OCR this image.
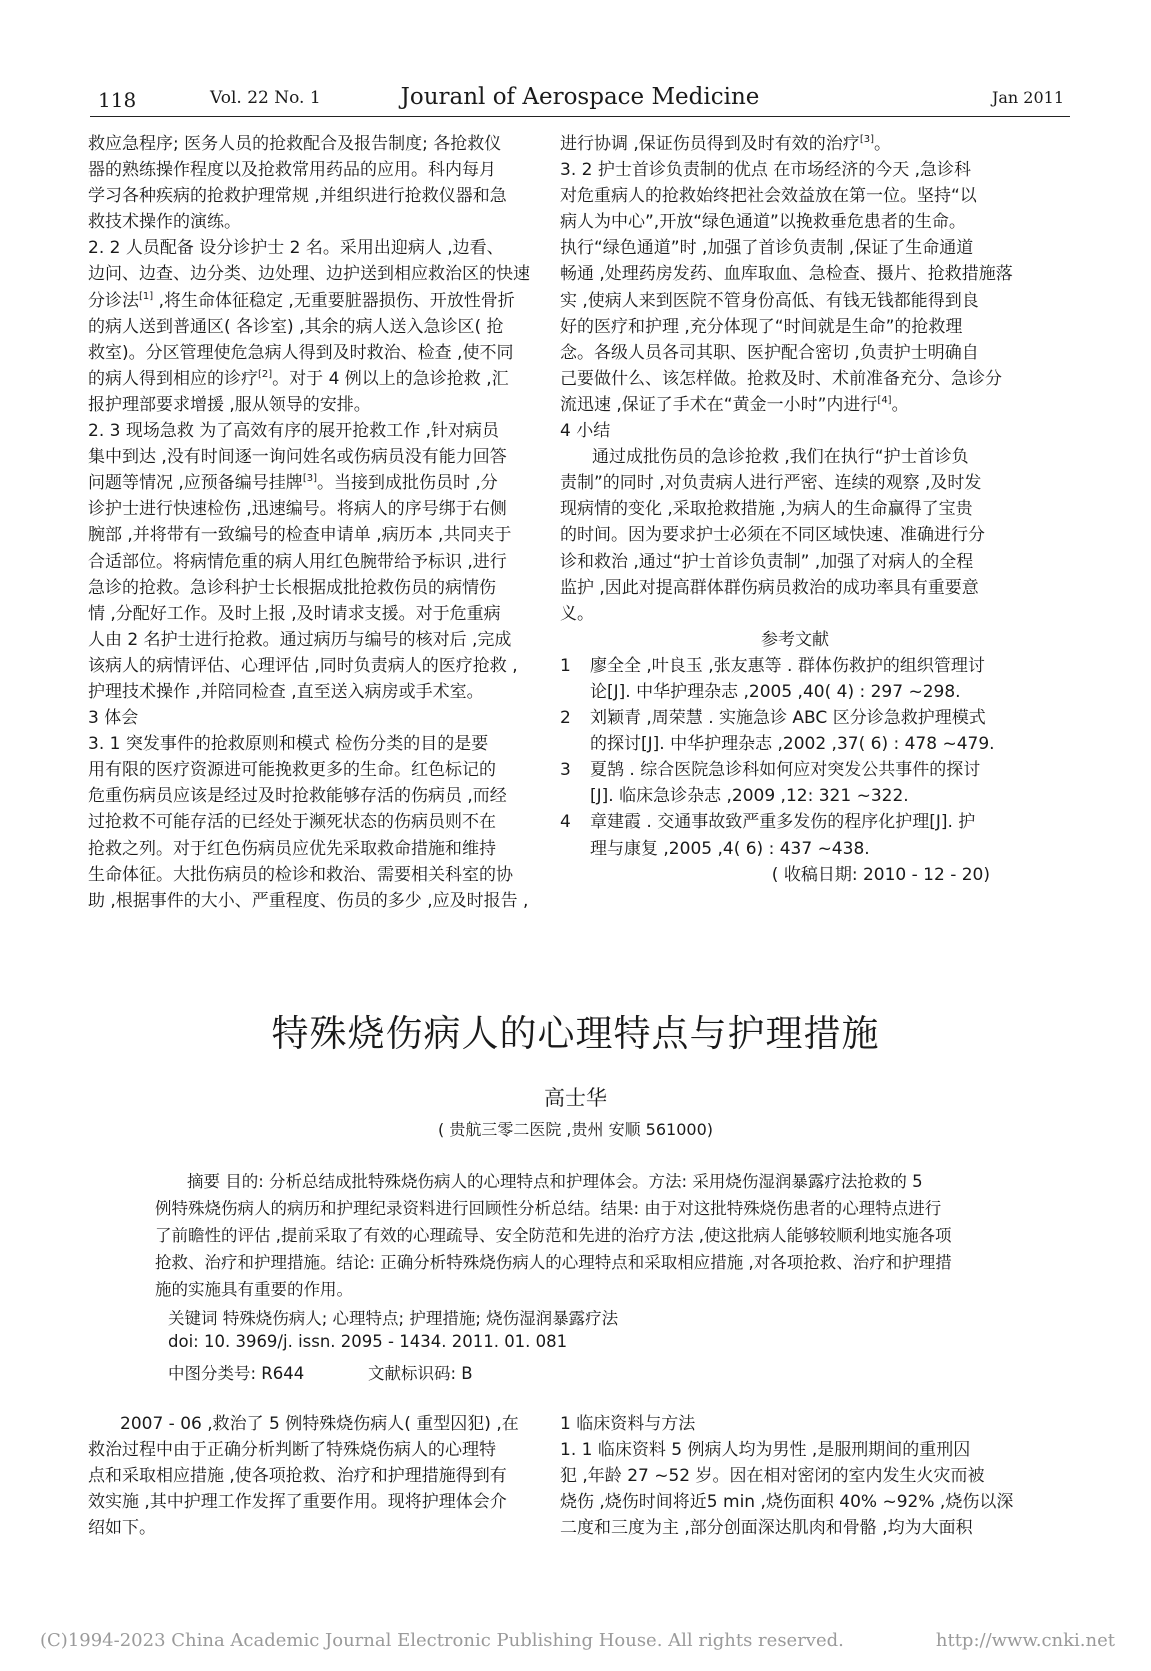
118	Vol. 22 No. 1	Jouranl of Aerospace Medicine	Jan 2011
救应急程序; 医务人员的抢救配合及报告制度; 各抢救仪
器的熟练操作程度以及抢救常用药品的应用。科内每月
学习各种疾病的抢救护理常规 ,并组织进行抢救仪器和急
救技术操作的演练。
2. 2 人员配备 设分诊护士 2 名。采用出迎病人 ,边看、
边问、边查、边分类、边处理、边护送到相应救治区的快速
分诊法[1] ,将生命体征稳定 ,无重要脏器损伤、开放性骨折
的病人送到普通区( 各诊室) ,其余的病人送入急诊区( 抢
救室)。分区管理使危急病人得到及时救治、检查 ,使不同
的病人得到相应的诊疗[2]。对于 4 例以上的急诊抢救 ,汇
报护理部要求增援 ,服从领导的安排。
2. 3 现场急救 为了高效有序的展开抢救工作 ,针对病员
集中到达 ,没有时间逐一询问姓名或伤病员没有能力回答
问题等情况 ,应预备编号挂牌[3]。当接到成批伤员时 ,分
诊护士进行快速检伤 ,迅速编号。将病人的序号绑于右侧
腕部 ,并将带有一致编号的检查申请单 ,病历本 ,共同夹于
合适部位。将病情危重的病人用红色腕带给予标识 ,进行
急诊的抢救。急诊科护士长根据成批抢救伤员的病情伤
情 ,分配好工作。及时上报 ,及时请求支援。对于危重病
人由 2 名护士进行抢救。通过病历与编号的核对后 ,完成
该病人的病情评估、心理评估 ,同时负责病人的医疗抢救 ,
护理技术操作 ,并陪同检查 ,直至送入病房或手术室。
3 体会
3. 1 突发事件的抢救原则和模式 检伤分类的目的是要
用有限的医疗资源进可能挽救更多的生命。红色标记的
危重伤病员应该是经过及时抢救能够存活的伤病员 ,而经
过抢救不可能存活的已经处于濒死状态的伤病员则不在
抢救之列。对于红色伤病员应优先采取救命措施和维持
生命体征。大批伤病员的检诊和救治、需要相关科室的协
助 ,根据事件的大小、严重程度、伤员的多少 ,应及时报告 ,
进行协调 ,保证伤员得到及时有效的治疗[3]。
3. 2 护士首诊负责制的优点 在市场经济的今天 ,急诊科
对危重病人的抢救始终把社会效益放在第一位。坚持“以
病人为中心”,开放“绿色通道”以挽救垂危患者的生命。
执行“绿色通道”时 ,加强了首诊负责制 ,保证了生命通道
畅通 ,处理药房发药、血库取血、急检查、摄片、抢救措施落
实 ,使病人来到医院不管身份高低、有钱无钱都能得到良
好的医疗和护理 ,充分体现了“时间就是生命”的抢救理
念。各级人员各司其职、医护配合密切 ,负责护士明确自
己要做什么、该怎样做。抢救及时、术前准备充分、急诊分
流迅速 ,保证了手术在“黄金一小时”内进行[4]。
4 小结
通过成批伤员的急诊抢救 ,我们在执行“护士首诊负
责制”的同时 ,对负责病人进行严密、连续的观察 ,及时发
现病情的变化 ,采取抢救措施 ,为病人的生命赢得了宝贵
的时间。因为要求护士必须在不同区域快速、准确进行分
诊和救治 ,通过“护士首诊负责制” ,加强了对病人的全程
监护 ,因此对提高群体群伤病员救治的成功率具有重要意
义。
参考文献
1	廖全全 ,叶良玉 ,张友惠等 . 群体伤救护的组织管理讨
论[J]. 中华护理杂志 ,2005 ,40( 4) : 297 ~298.
2	刘颖青 ,周荣慧 . 实施急诊 ABC 区分诊急救护理模式
的探讨[J]. 中华护理杂志 ,2002 ,37( 6) : 478 ~479.
3	夏鹄 . 综合医院急诊科如何应对突发公共事件的探讨
[J]. 临床急诊杂志 ,2009 ,12: 321 ~322.
4	章建霞 . 交通事故致严重多发伤的程序化护理[J]. 护
理与康复 ,2005 ,4( 6) : 437 ~438.
( 收稿日期: 2010 - 12 - 20)
特殊烧伤病人的心理特点与护理措施
高士华
( 贵航三零二医院 ,贵州 安顺 561000)
摘要 目的: 分析总结成批特殊烧伤病人的心理特点和护理体会。方法: 采用烧伤湿润暴露疗法抢救的 5
例特殊烧伤病人的病历和护理纪录资料进行回顾性分析总结。结果: 由于对这批特殊烧伤患者的心理特点进行
了前瞻性的评估 ,提前采取了有效的心理疏导、安全防范和先进的治疗方法 ,使这批病人能够较顺利地实施各项
抢救、治疗和护理措施。结论: 正确分析特殊烧伤病人的心理特点和采取相应措施 ,对各项抢救、治疗和护理措
施的实施具有重要的作用。
关键词 特殊烧伤病人; 心理特点; 护理措施; 烧伤湿润暴露疗法
doi: 10. 3969/j. issn. 2095 - 1434. 2011. 01. 081
中图分类号: R644	文献标识码: B
2007 - 06 ,救治了 5 例特殊烧伤病人( 重型囚犯) ,在
救治过程中由于正确分析判断了特殊烧伤病人的心理特
点和采取相应措施 ,使各项抢救、治疗和护理措施得到有
效实施 ,其中护理工作发挥了重要作用。现将护理体会介
绍如下。
1 临床资料与方法
1. 1 临床资料 5 例病人均为男性 ,是服刑期间的重刑囚
犯 ,年龄 27 ~52 岁。因在相对密闭的室内发生火灾而被
烧伤 ,烧伤时间将近5 min ,烧伤面积 40% ~92% ,烧伤以深
二度和三度为主 ,部分创面深达肌肉和骨骼 ,均为大面积
(C)1994-2023 China Academic Journal Electronic Publishing House. All rights reserved.	http://www.cnki.net
